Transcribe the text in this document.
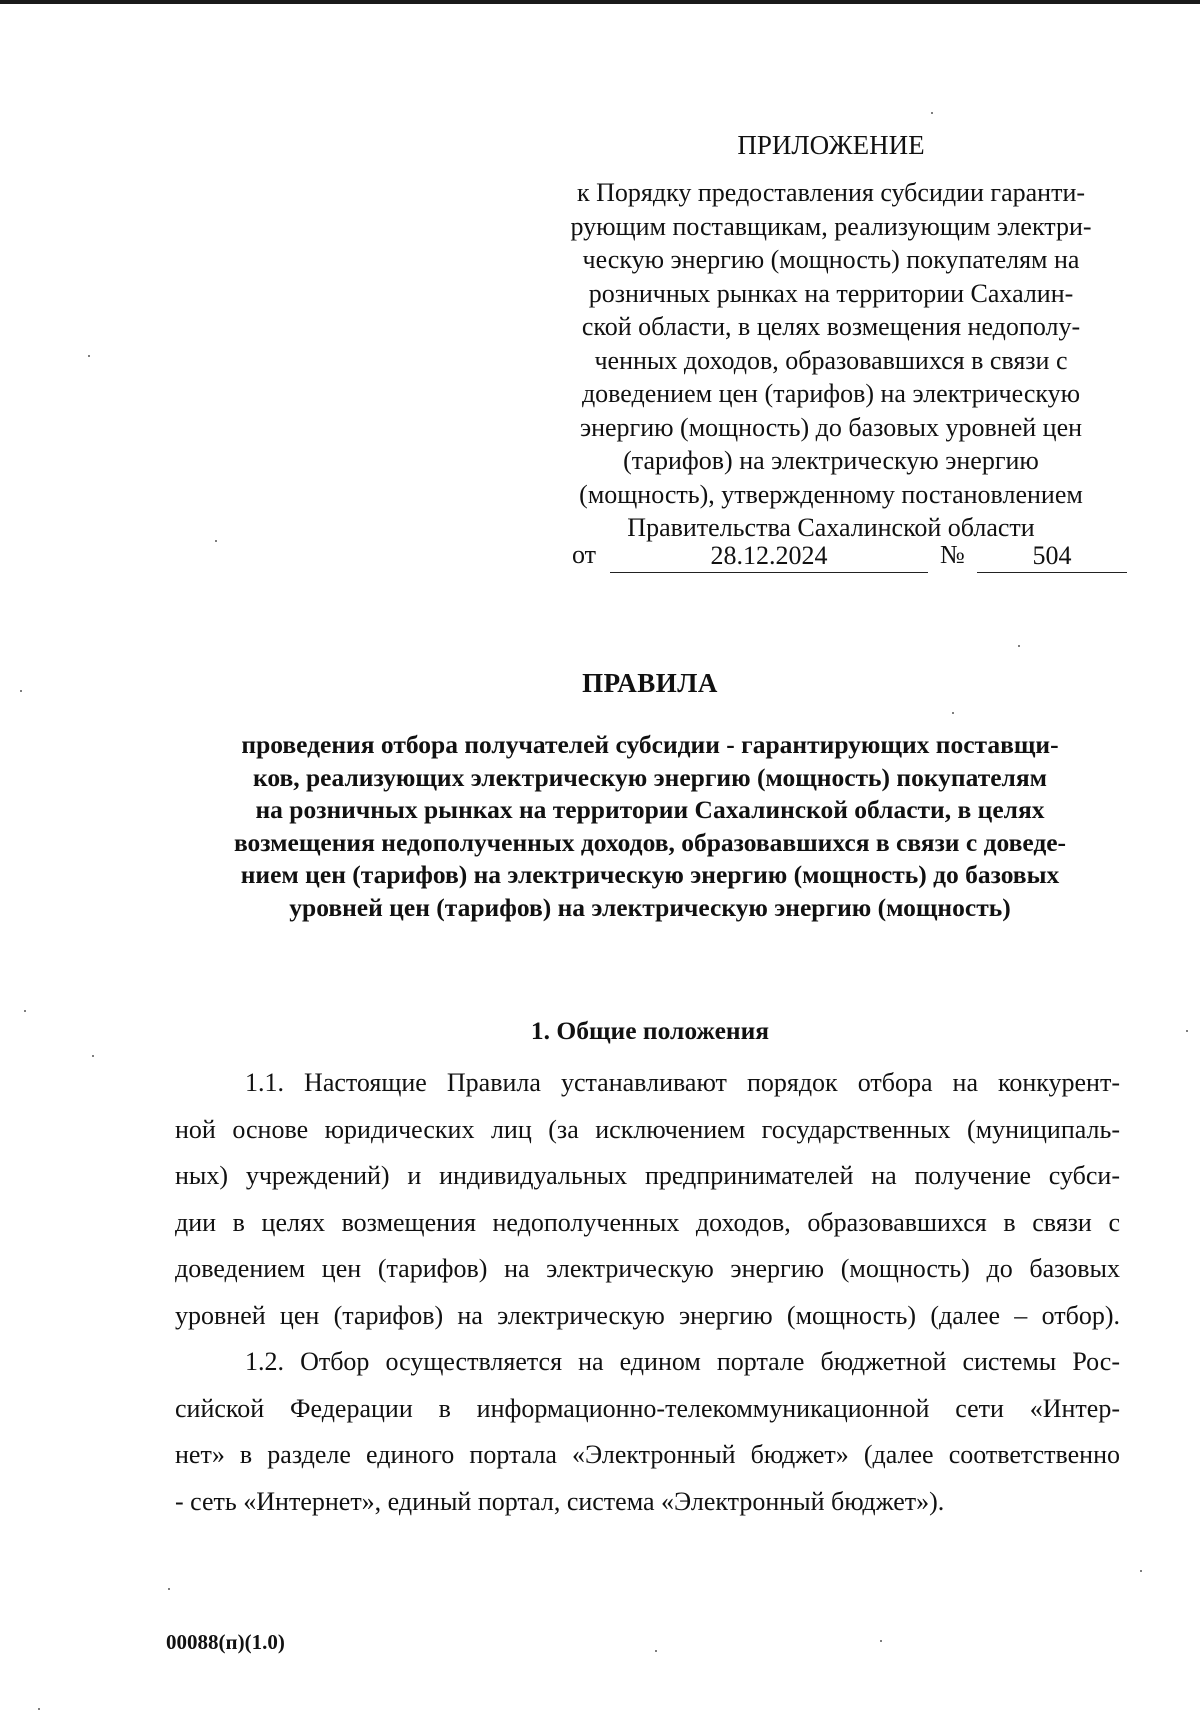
ПРИЛОЖЕНИЕ
к Порядку предоставления субсидии гаранти-
рующим поставщикам, реализующим электри-
ческую энергию (мощность) покупателям на
розничных рынках на территории Сахалин-
ской области, в целях возмещения недополу-
ченных доходов, образовавшихся в связи с
доведением цен (тарифов) на электрическую
энергию (мощность) до базовых уровней цен
(тарифов) на электрическую энергию
(мощность), утвержденному постановлением
Правительства Сахалинской области
от	28.12.2024	№	504
ПРАВИЛА
проведения отбора получателей субсидии - гарантирующих поставщи-
ков, реализующих электрическую энергию (мощность) покупателям
на розничных рынках на территории Сахалинской области, в целях
возмещения недополученных доходов, образовавшихся в связи с доведе-
нием цен (тарифов) на электрическую энергию (мощность) до базовых
уровней цен (тарифов) на электрическую энергию (мощность)
1. Общие положения
1.1. Настоящие Правила устанавливают порядок отбора на конкурент-
ной основе юридических лиц (за исключением государственных (муниципаль-
ных) учреждений) и индивидуальных предпринимателей на получение субси-
дии в целях возмещения недополученных доходов, образовавшихся в связи с
доведением цен (тарифов) на электрическую энергию (мощность) до базовых
уровней цен (тарифов) на электрическую энергию (мощность) (далее – отбор).
1.2. Отбор осуществляется на едином портале бюджетной системы Рос-
сийской Федерации в информационно-телекоммуникационной сети «Интер-
нет» в разделе единого портала «Электронный бюджет» (далее соответственно
- сеть «Интернет», единый портал, система «Электронный бюджет»).
00088(п)(1.0)
